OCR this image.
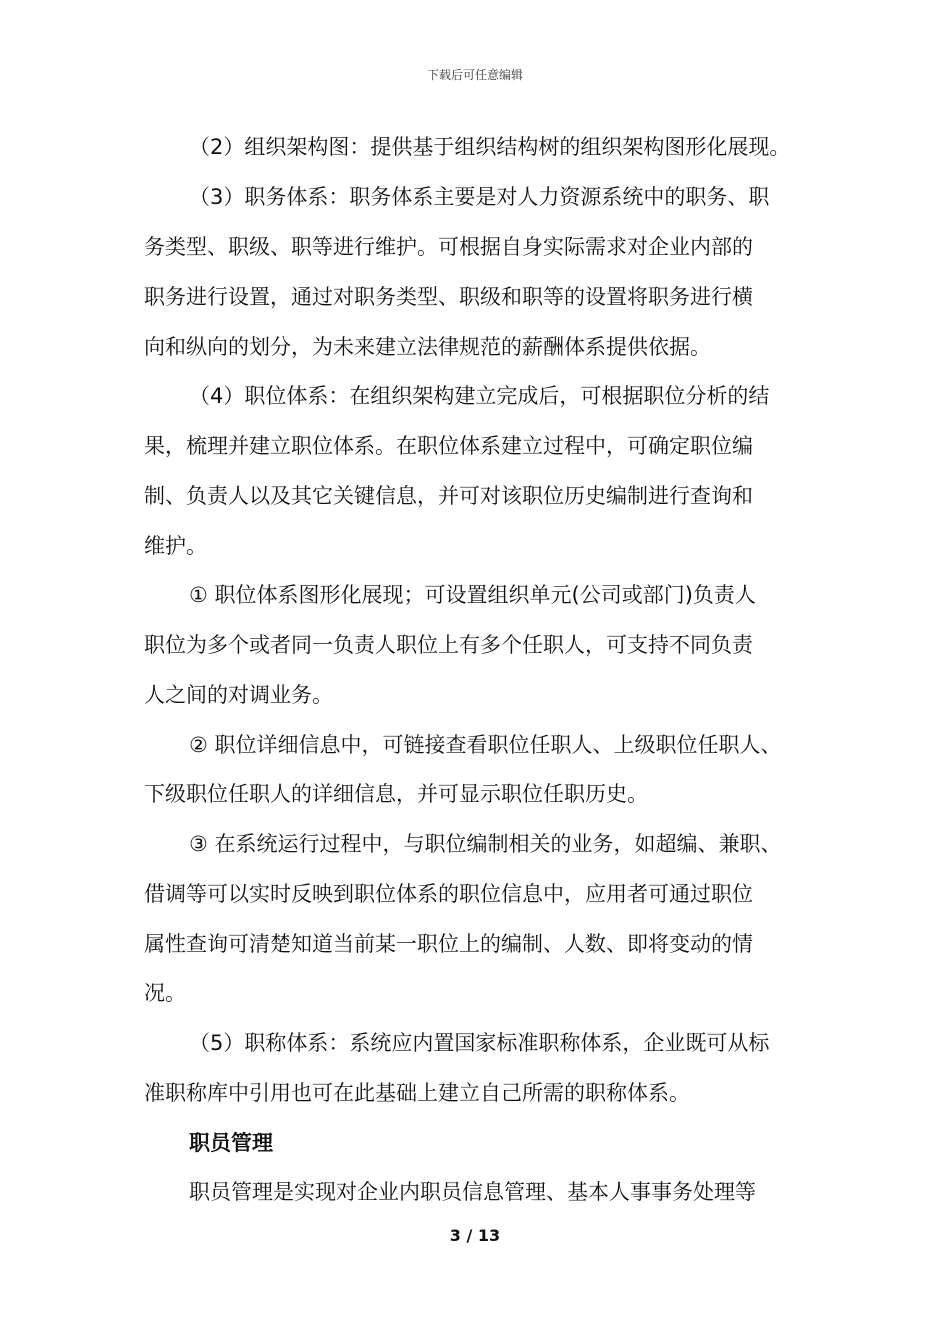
下载后可任意编辑
（2）组织架构图：提供基于组织结构树的组织架构图形化展现。
（3）职务体系：职务体系主要是对人力资源系统中的职务、职
务类型、职级、职等进行维护。可根据自身实际需求对企业内部的
职务进行设置，通过对职务类型、职级和职等的设置将职务进行横
向和纵向的划分，为未来建立法律规范的薪酬体系提供依据。
（4）职位体系：在组织架构建立完成后，可根据职位分析的结
果，梳理并建立职位体系。在职位体系建立过程中，可确定职位编
制、负责人以及其它关键信息，并可对该职位历史编制进行查询和
维护。
① 职位体系图形化展现；可设置组织单元(公司或部门)负责人
职位为多个或者同一负责人职位上有多个任职人，可支持不同负责
人之间的对调业务。
② 职位详细信息中，可链接查看职位任职人、上级职位任职人、
下级职位任职人的详细信息，并可显示职位任职历史。
③ 在系统运行过程中，与职位编制相关的业务，如超编、兼职、
借调等可以实时反映到职位体系的职位信息中，应用者可通过职位
属性查询可清楚知道当前某一职位上的编制、人数、即将变动的情
况。
（5）职称体系：系统应内置国家标准职称体系，企业既可从标
准职称库中引用也可在此基础上建立自己所需的职称体系。
职员管理
职员管理是实现对企业内职员信息管理、基本人事事务处理等
3 / 13
